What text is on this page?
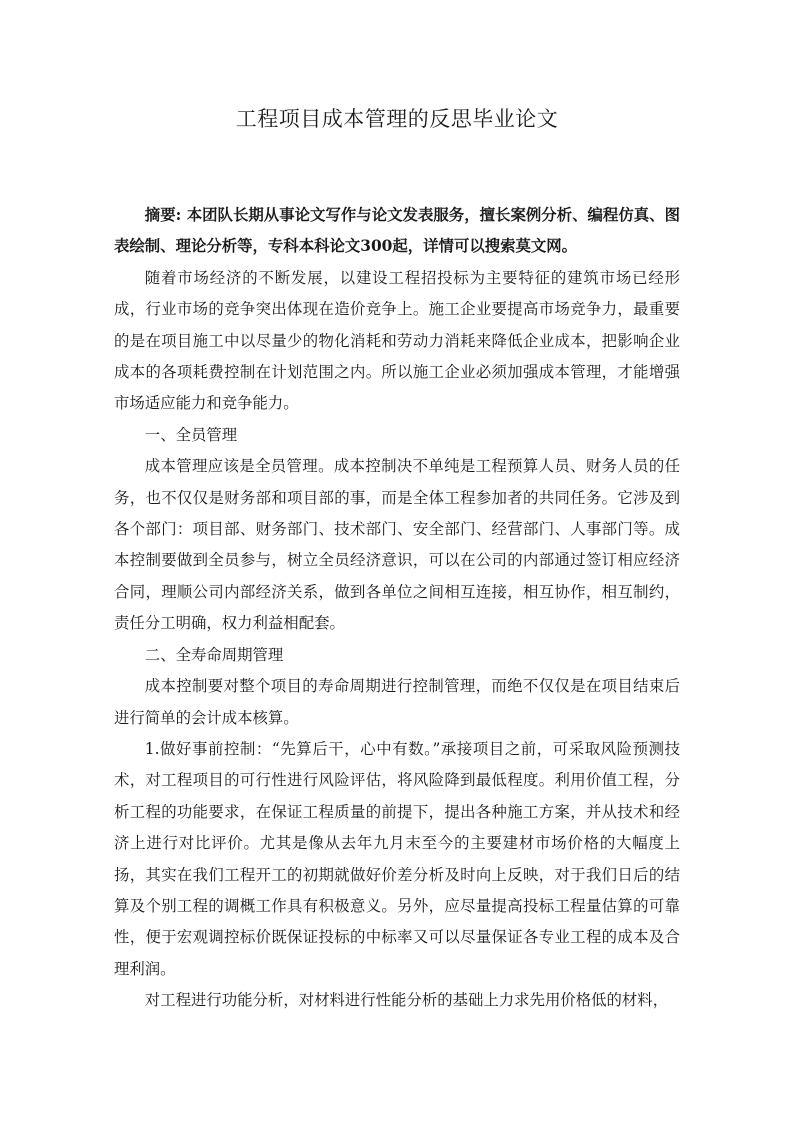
工程项目成本管理的反思毕业论文

摘要: 本团队长期从事论文写作与论文发表服务，擅长案例分析、编程仿真、图表绘制、理论分析等，专科本科论文300起，详情可以搜索莫文网。

随着市场经济的不断发展，以建设工程招投标为主要特征的建筑市场已经形成，行业市场的竞争突出体现在造价竞争上。施工企业要提高市场竞争力，最重要的是在项目施工中以尽量少的物化消耗和劳动力消耗来降低企业成本，把影响企业成本的各项耗费控制在计划范围之内。所以施工企业必须加强成本管理，才能增强市场适应能力和竞争能力。

一、全员管理

成本管理应该是全员管理。成本控制决不单纯是工程预算人员、财务人员的任务，也不仅仅是财务部和项目部的事，而是全体工程参加者的共同任务。它涉及到各个部门：项目部、财务部门、技术部门、安全部门、经营部门、人事部门等。成本控制要做到全员参与，树立全员经济意识，可以在公司的内部通过签订相应经济合同，理顺公司内部经济关系，做到各单位之间相互连接，相互协作，相互制约，责任分工明确，权力利益相配套。

二、全寿命周期管理

成本控制要对整个项目的寿命周期进行控制管理，而绝不仅仅是在项目结束后进行简单的会计成本核算。

1.做好事前控制：“先算后干，心中有数。”承接项目之前，可采取风险预测技术，对工程项目的可行性进行风险评估，将风险降到最低程度。利用价值工程，分析工程的功能要求，在保证工程质量的前提下，提出各种施工方案，并从技术和经济上进行对比评价。尤其是像从去年九月末至今的主要建材市场价格的大幅度上扬，其实在我们工程开工的初期就做好价差分析及时向上反映，对于我们日后的结算及个别工程的调概工作具有积极意义。另外，应尽量提高投标工程量估算的可靠性，便于宏观调控标价既保证投标的中标率又可以尽量保证各专业工程的成本及合理利润。

对工程进行功能分析，对材料进行性能分析的基础上力求先用价格低的材料，
